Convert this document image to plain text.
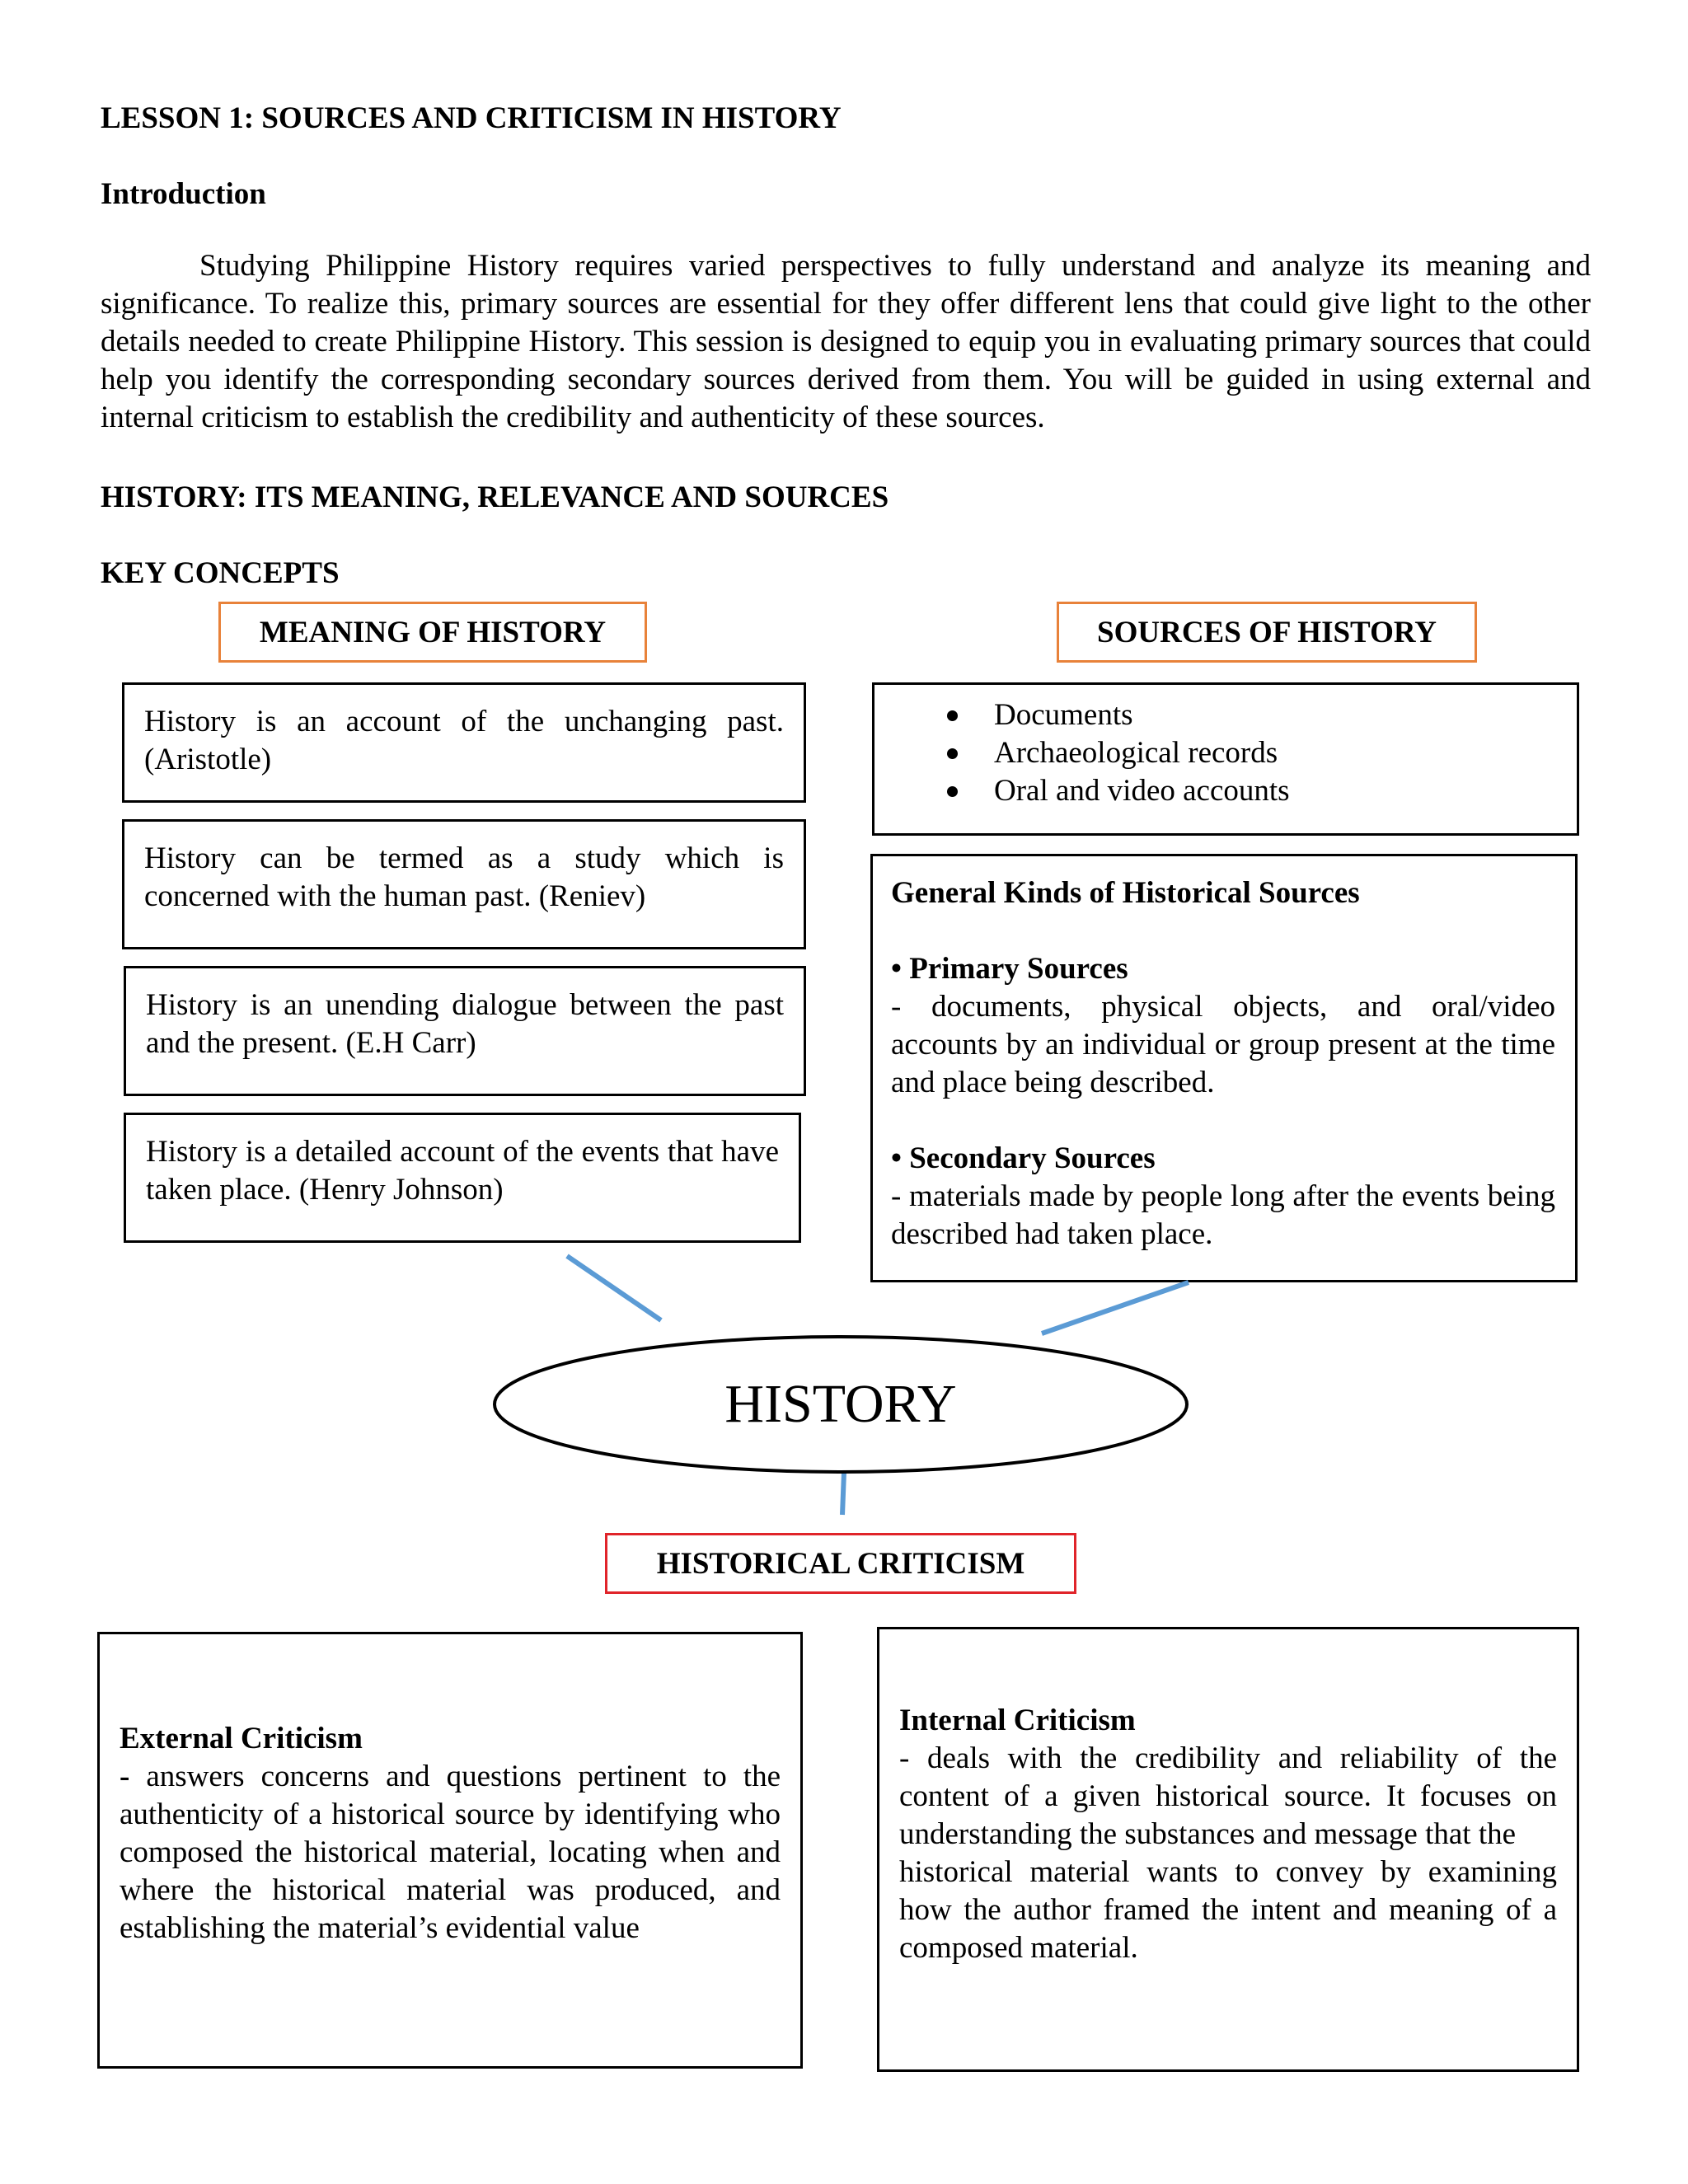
LESSON 1: SOURCES AND CRITICISM IN HISTORY
Introduction
Studying Philippine History requires varied perspectives to fully understand and analyze its meaning and significance. To realize this, primary sources are essential for they offer different lens that could give light to the other details needed to create Philippine History. This session is designed to equip you in evaluating primary sources that could help you identify the corresponding secondary sources derived from them. You will be guided in using external and internal criticism to establish the credibility and authenticity of these sources.
HISTORY: ITS MEANING, RELEVANCE AND SOURCES
KEY CONCEPTS
MEANING OF HISTORY	SOURCES OF HISTORY
History is an account of the unchanging past. (Aristotle)
History can be termed as a study which is concerned with the human past. (Reniev)
History is an unending dialogue between the past and the present. (E.H Carr)
History is a detailed account of the events that have taken place. (Henry Johnson)
Documents
Archaeological records
Oral and video accounts

General Kinds of Historical Sources

• Primary Sources

- documents, physical objects, and oral/video accounts by an individual or group present at the time and place being described.

• Secondary Sources

- materials made by people long after the events being described had taken place.

HISTORY
HISTORICAL CRITICISM

External Criticism

- answers concerns and questions pertinent to the authenticity of a historical source by identifying who composed the historical material, locating when and where the historical material was produced, and establishing the material’s evidential value

Internal Criticism

- deals with the credibility and reliability of the content of a given historical source. It focuses on understanding the substances and message that the

historical material wants to convey by examining how the author framed the intent and meaning of a composed material.
